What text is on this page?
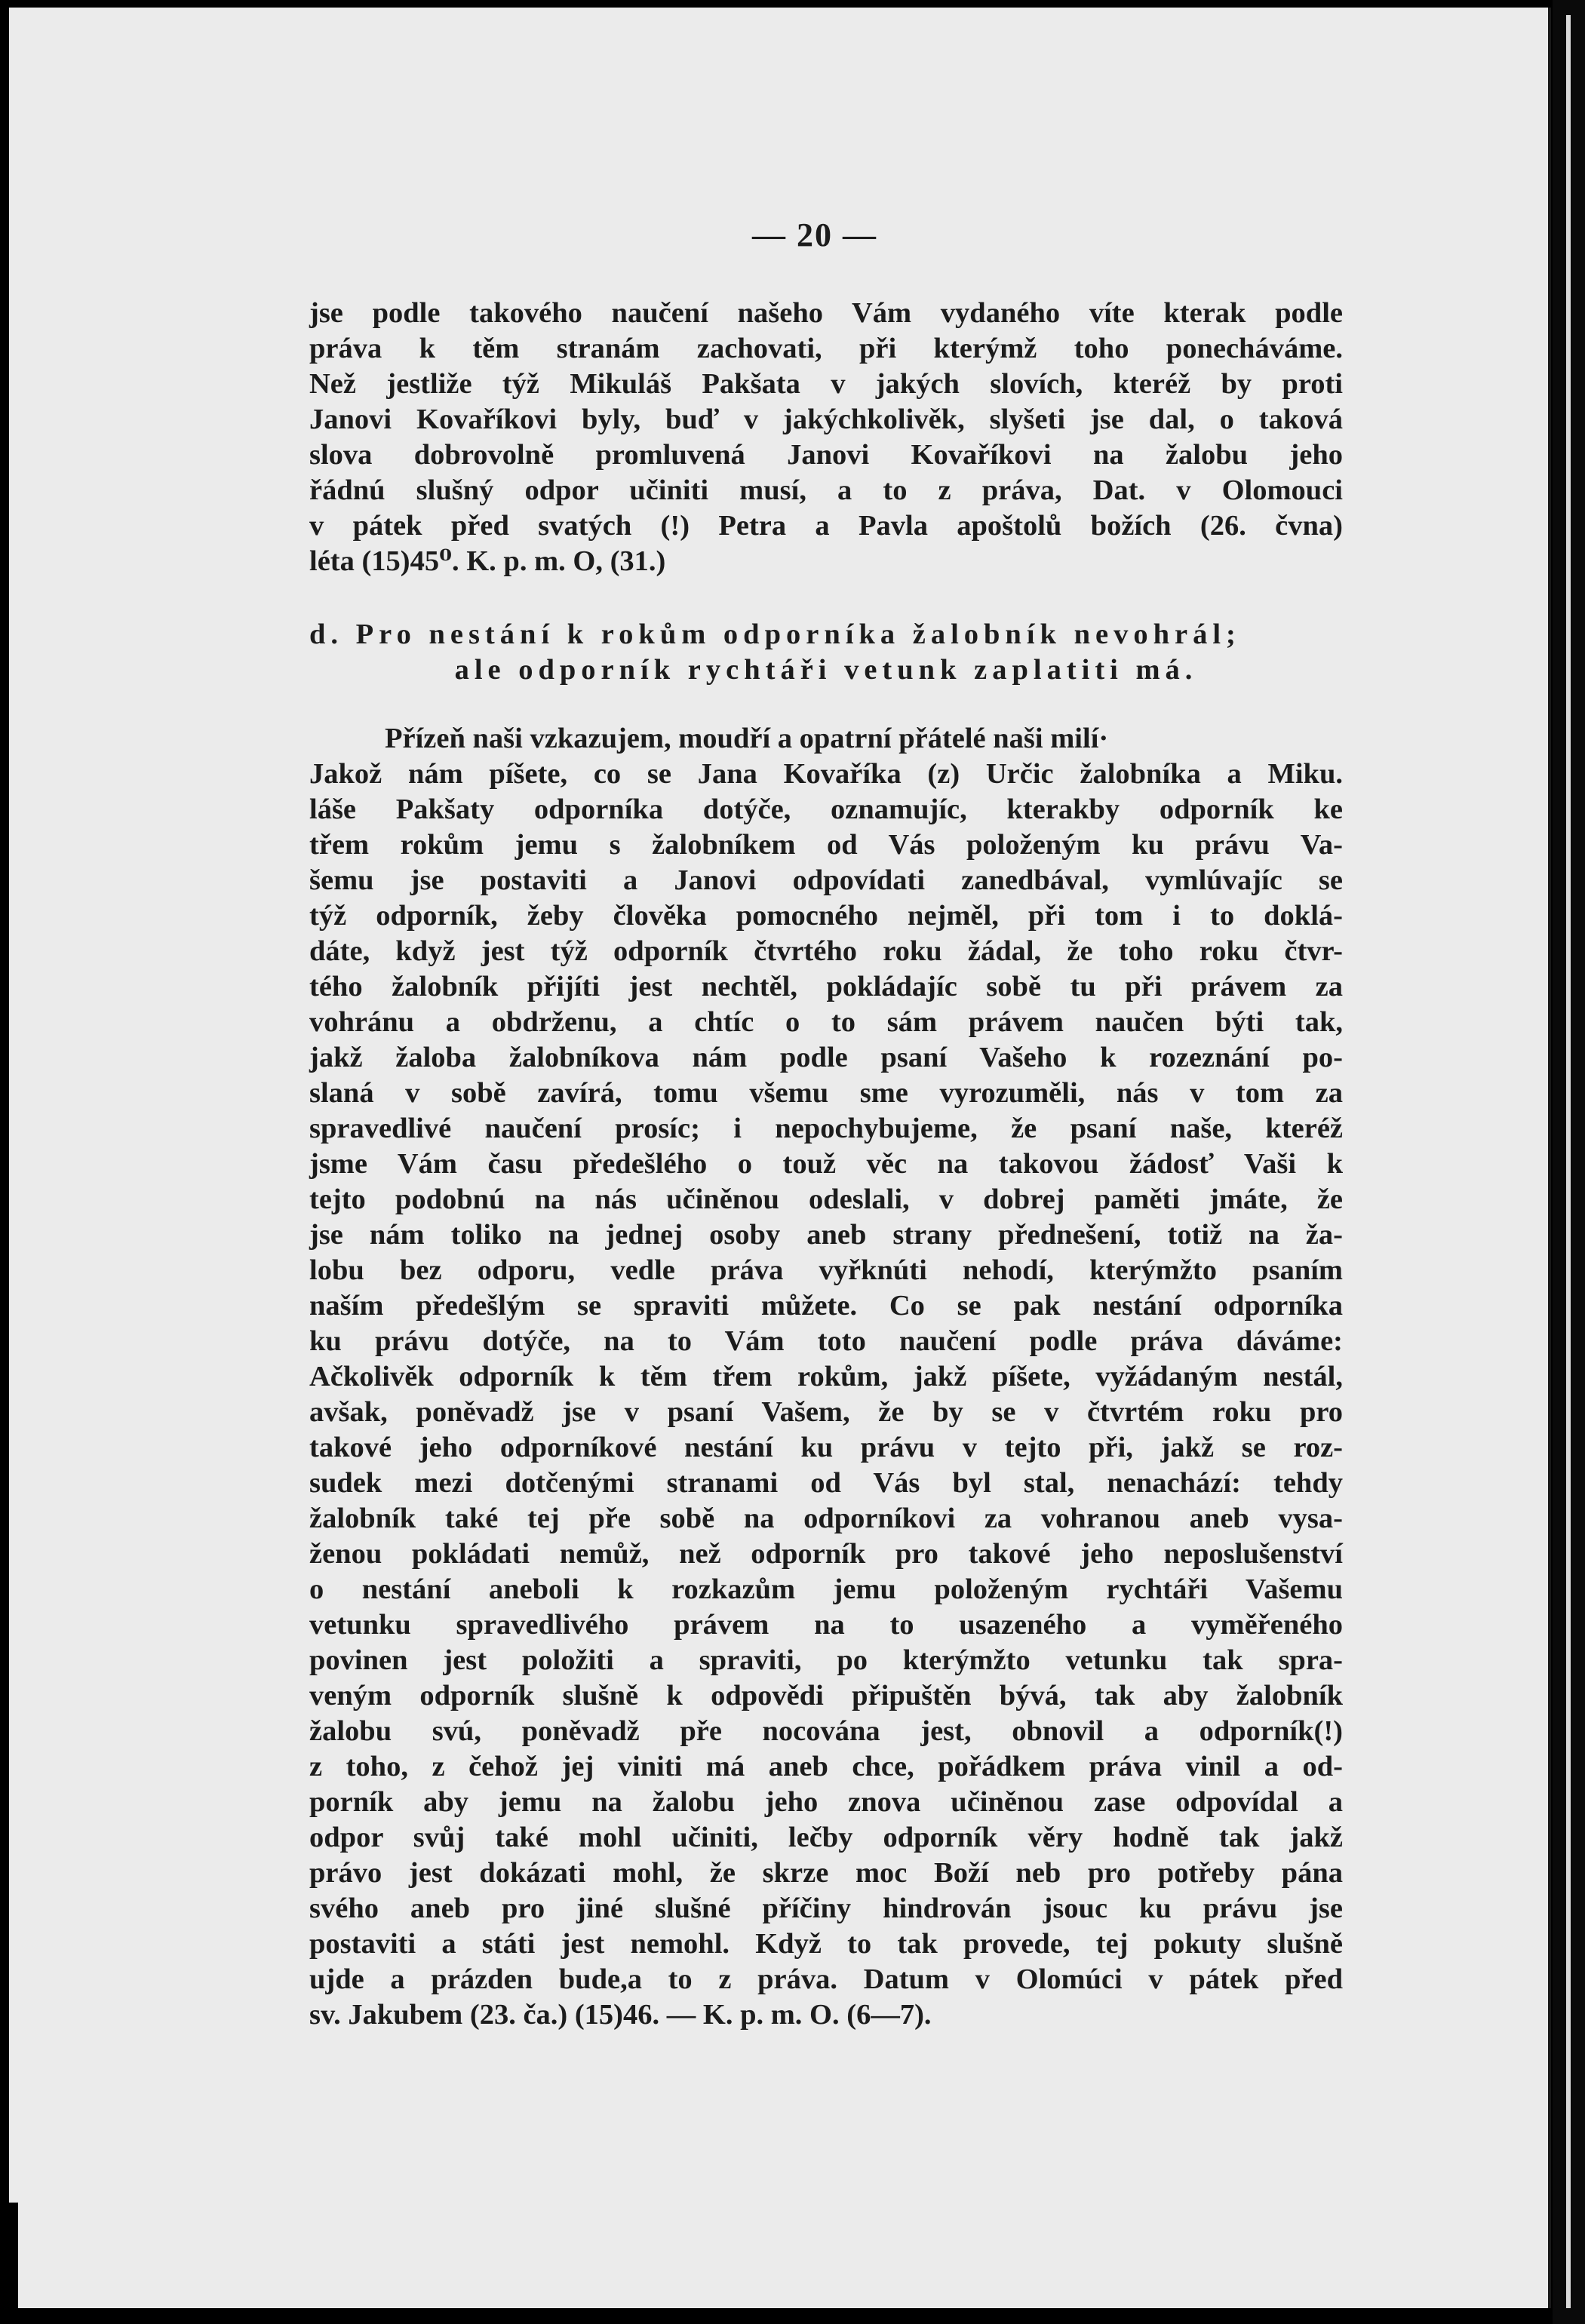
— 20 —
jse podle takového naučení našeho Vám vydaného víte kterak podle
práva k těm stranám zachovati, při kterýmž toho ponecháváme.
Než jestliže týž Mikuláš Pakšata v jakých slovích, kteréž by proti
Janovi Kovaříkovi byly, buď v jakýchkolivěk, slyšeti jse dal, o taková
slova dobrovolně promluvená Janovi Kovaříkovi na žalobu jeho
řádnú slušný odpor učiniti musí, a to z práva, Dat. v Olomouci
v pátek před svatých (!) Petra a Pavla apoštolů božích (26. čvna)
léta (15)45⁰. K. p. m. O, (31.)
d. Pro nestání k rokům odporníka žalobník nevohrál;
ale odporník rychtáři vetunk zaplatiti má.
Přízeň naši vzkazujem, moudří a opatrní přátelé naši milí·
Jakož nám píšete, co se Jana Kovaříka (z) Určic žalobníka a Miku.
láše Pakšaty odporníka dotýče, oznamujíc, kterakby odporník ke
třem rokům jemu s žalobníkem od Vás položeným ku právu Va-
šemu jse postaviti a Janovi odpovídati zanedbával, vymlúvajíc se
týž odporník, žeby člověka pomocného nejměl, při tom i to doklá-
dáte, když jest týž odporník čtvrtého roku žádal, že toho roku čtvr-
tého žalobník přijíti jest nechtěl, pokládajíc sobě tu při právem za
vohránu a obdrženu, a chtíc o to sám právem naučen býti tak,
jakž žaloba žalobníkova nám podle psaní Vašeho k rozeznání po-
slaná v sobě zavírá, tomu všemu sme vyrozuměli, nás v tom za
spravedlivé naučení prosíc; i nepochybujeme, že psaní naše, kteréž
jsme Vám času předešlého o touž věc na takovou žádosť Vaši k
tejto podobnú na nás učiněnou odeslali, v dobrej paměti jmáte, že
jse nám toliko na jednej osoby aneb strany přednešení, totiž na ža-
lobu bez odporu, vedle práva vyřknúti nehodí, kterýmžto psaním
naším předešlým se spraviti můžete. Co se pak nestání odporníka
ku právu dotýče, na to Vám toto naučení podle práva dáváme:
Ačkolivěk odporník k těm třem rokům, jakž píšete, vyžádaným nestál,
avšak, poněvadž jse v psaní Vašem, že by se v čtvrtém roku pro
takové jeho odporníkové nestání ku právu v tejto při, jakž se roz-
sudek mezi dotčenými stranami od Vás byl stal, nenachází: tehdy
žalobník také tej pře sobě na odporníkovi za vohranou aneb vysa-
ženou pokládati nemůž, než odporník pro takové jeho neposlušenství
o nestání aneboli k rozkazům jemu položeným rychtáři Vašemu
vetunku spravedlivého právem na to usazeného a vyměřeného
povinen jest položiti a spraviti, po kterýmžto vetunku tak spra-
veným odporník slušně k odpovědi připuštěn bývá, tak aby žalobník
žalobu svú, poněvadž pře nocována jest, obnovil a odporník(!)
z toho, z čehož jej viniti má aneb chce, pořádkem práva vinil a od-
porník aby jemu na žalobu jeho znova učiněnou zase odpovídal a
odpor svůj také mohl učiniti, lečby odporník věry hodně tak jakž
právo jest dokázati mohl, že skrze moc Boží neb pro potřeby pána
svého aneb pro jiné slušné příčiny hindrován jsouc ku právu jse
postaviti a státi jest nemohl. Když to tak provede, tej pokuty slušně
ujde a prázden bude,a to z práva. Datum v Olomúci v pátek před
sv. Jakubem (23. ča.) (15)46. — K. p. m. O. (6—7).
